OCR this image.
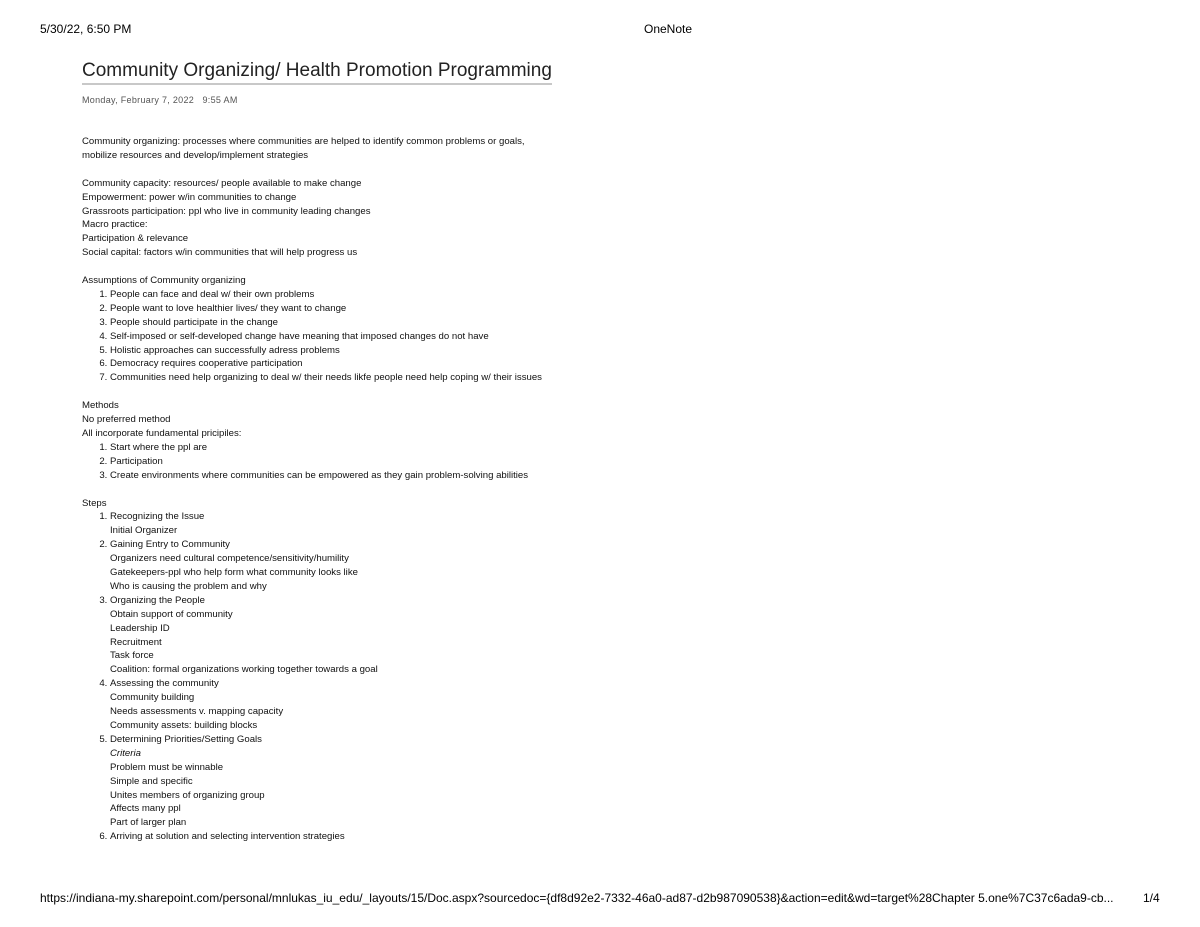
5/30/22, 6:50 PM	OneNote
Community Organizing/ Health Promotion Programming
Monday, February 7, 2022 9:55 AM

Community organizing: processes where communities are helped to identify common problems or goals,

mobilize resources and develop/implement strategies

Community capacity: resources/ people available to make change

Empowerment: power w/in communities to change

Grassroots participation: ppl who live in community leading changes

Macro practice:

Participation & relevance

Social capital: factors w/in communities that will help progress us

Assumptions of Community organizing

1. People can face and deal w/ their own problems
2. People want to love healthier lives/ they want to change
3. People should participate in the change
4. Self-imposed or self-developed change have meaning that imposed changes do not have
5. Holistic approaches can successfully adress problems
6. Democracy requires cooperative participation
7. Communities need help organizing to deal w/ their needs likfe people need help coping w/ their issues

Methods

No preferred method

All incorporate fundamental pricipiles:

1. Start where the ppl are
2. Participation
3. Create environments where communities can be empowered as they gain problem-solving abilities

Steps

1. Recognizing the Issue
Initial Organizer
2. Gaining Entry to Community
Organizers need cultural competence/sensitivity/humility
Gatekeepers-ppl who help form what community looks like
Who is causing the problem and why
3. Organizing the People
Obtain support of community
Leadership ID
Recruitment
Task force
Coalition: formal organizations working together towards a goal
4. Assessing the community
Community building
Needs assessments v. mapping capacity
Community assets: building blocks
5. Determining Priorities/Setting Goals
Criteria
Problem must be winnable
Simple and specific
Unites members of organizing group
Affects many ppl
Part of larger plan
6. Arriving at solution and selecting intervention strategies
https://indiana-my.sharepoint.com/personal/mnlukas_iu_edu/_layouts/15/Doc.aspx?sourcedoc={df8d92e2-7332-46a0-ad87-d2b987090538}&action=edit&wd=target%28Chapter 5.one%7C37c6ada9-cb...	1/4
